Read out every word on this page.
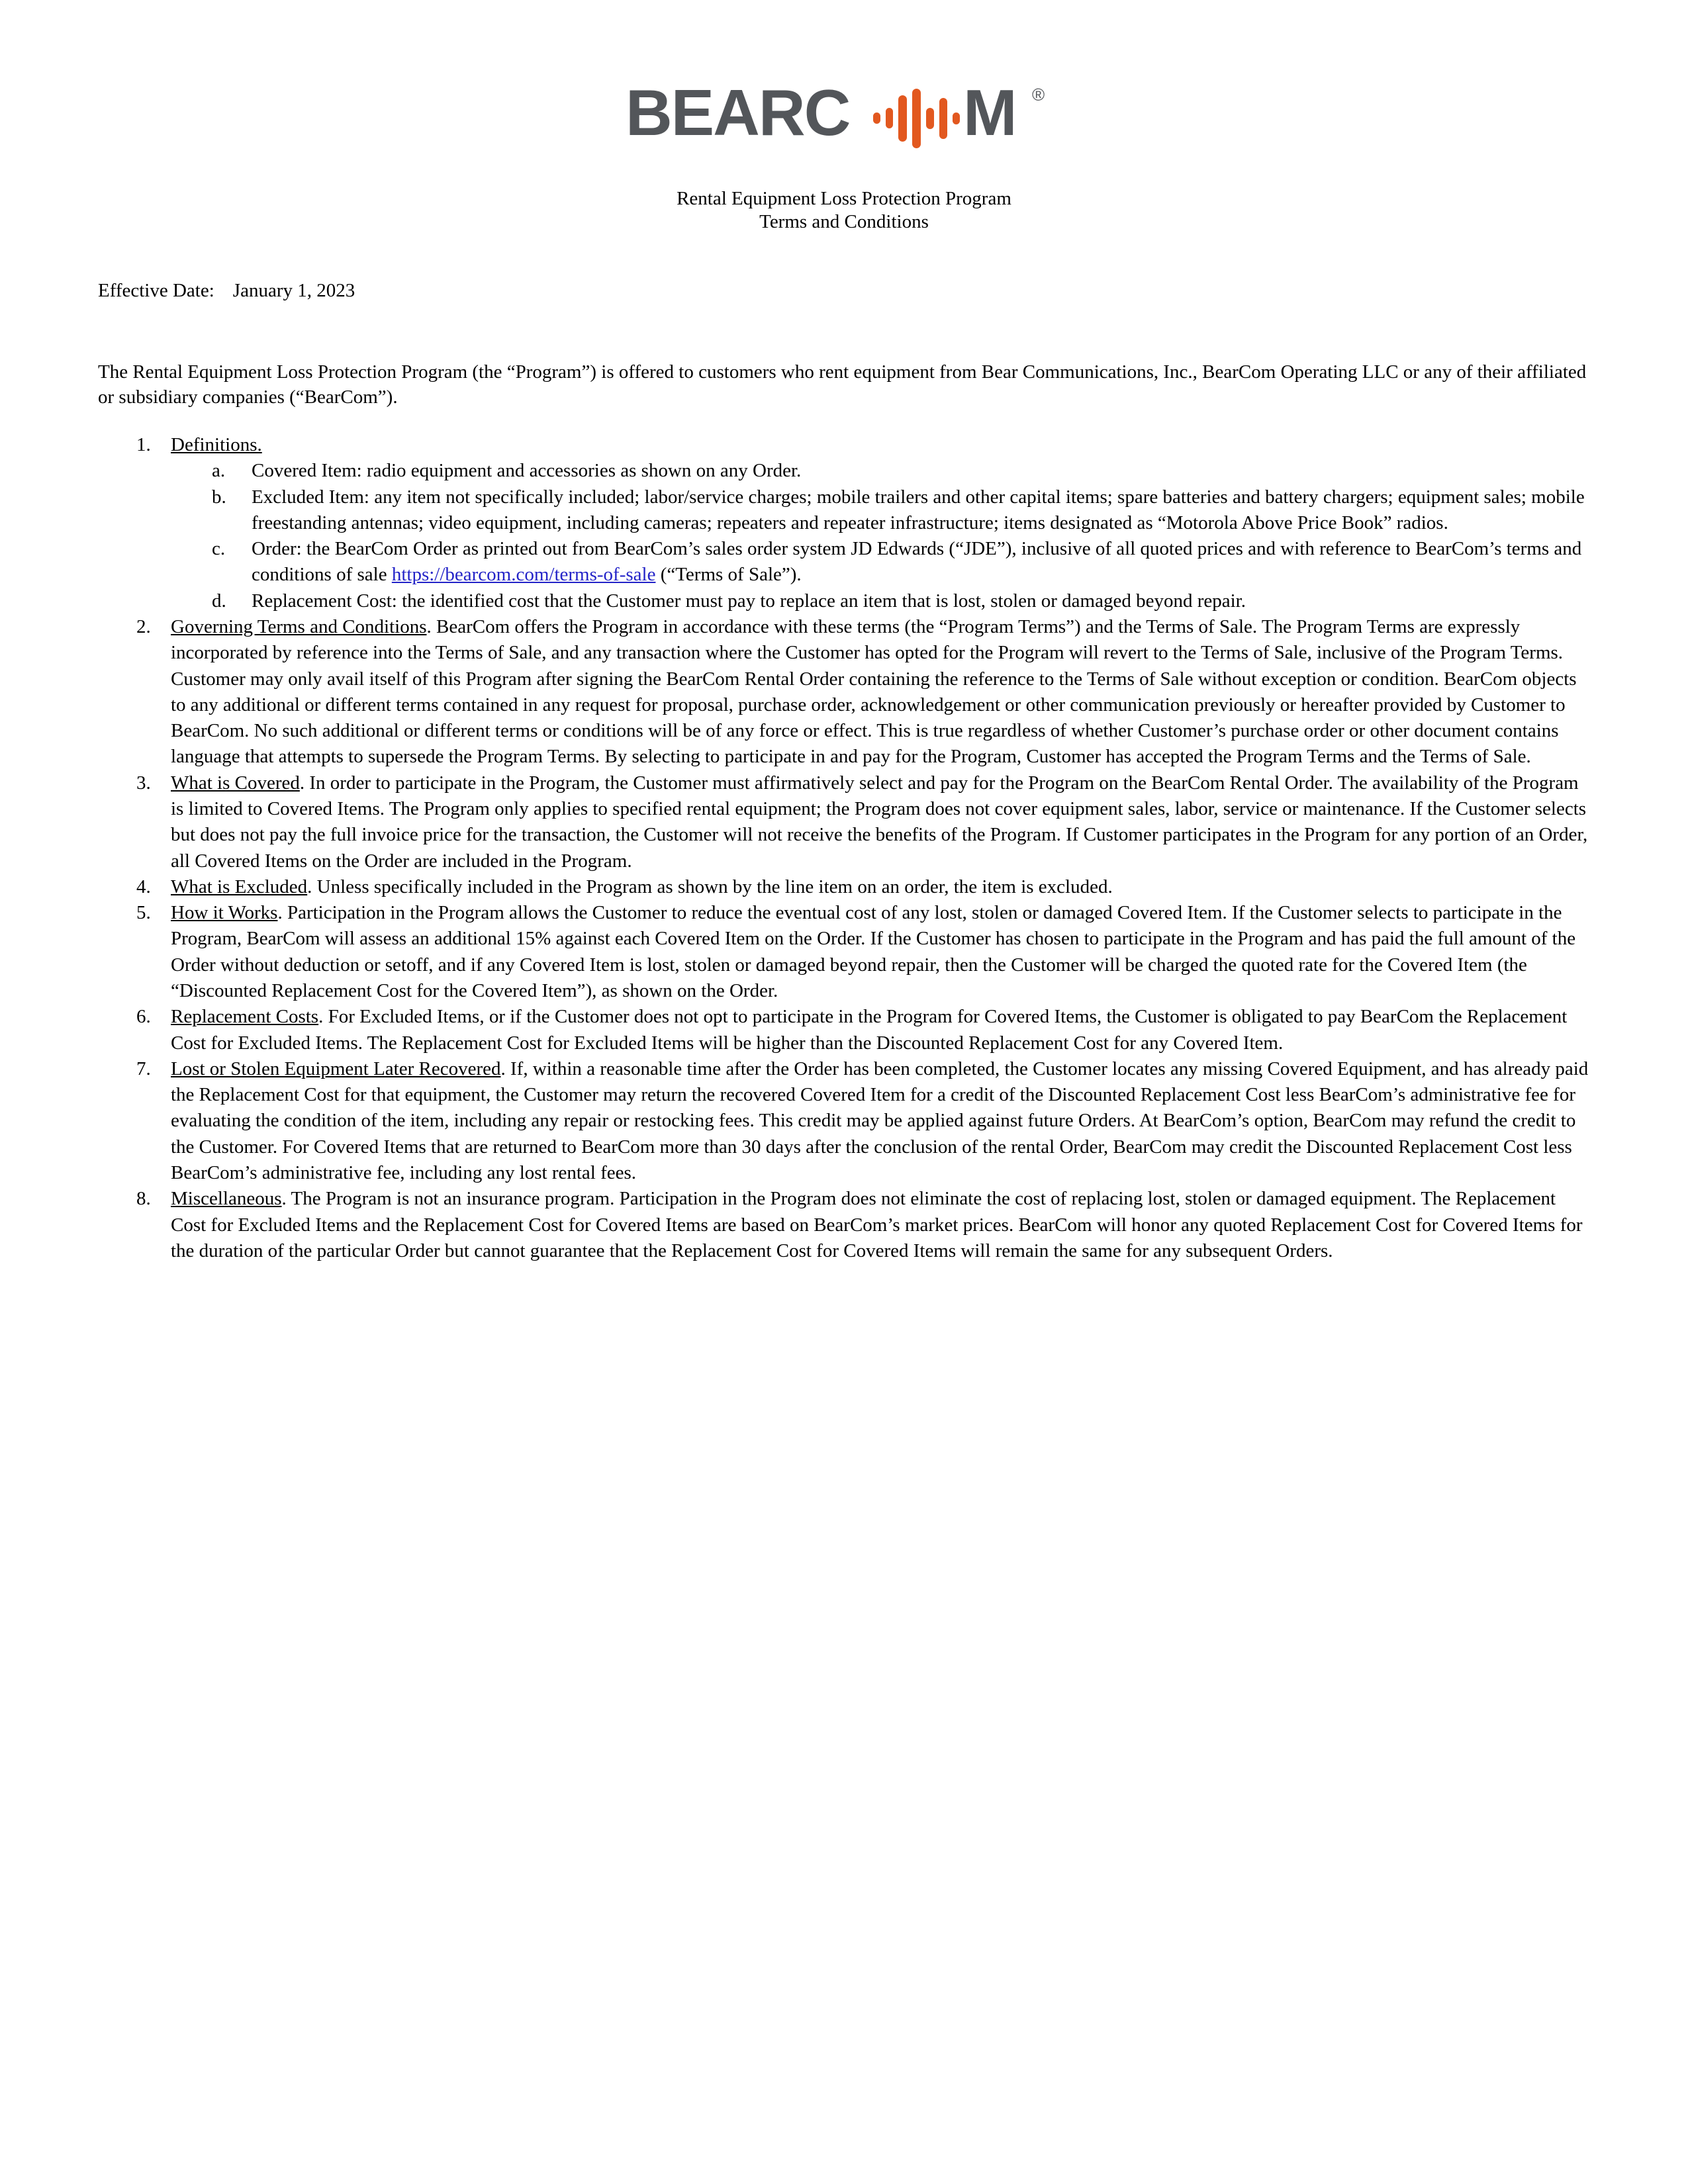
BEARC M ®
Rental Equipment Loss Protection Program
Terms and Conditions
Effective Date: January 1, 2023

The Rental Equipment Loss Protection Program (the “Program”) is offered to customers who rent equipment from Bear Communications, Inc., BearCom Operating LLC or any of their affiliated or subsidiary companies (“BearCom”).

1.	Definitions.
a.	Covered Item: radio equipment and accessories as shown on any Order.
b.	Excluded Item: any item not specifically included; labor/service charges; mobile trailers and other capital items; spare batteries and battery chargers; equipment sales; mobile freestanding antennas; video equipment, including cameras; repeaters and repeater infrastructure; items designated as “Motorola Above Price Book” radios.
c.	Order: the BearCom Order as printed out from BearCom’s sales order system JD Edwards (“JDE”), inclusive of all quoted prices and with reference to BearCom’s terms and conditions of sale https://bearcom.com/terms-of-sale (“Terms of Sale”).
d.	Replacement Cost: the identified cost that the Customer must pay to replace an item that is lost, stolen or damaged beyond repair.
2.	Governing Terms and Conditions. BearCom offers the Program in accordance with these terms (the “Program Terms”) and the Terms of Sale. The Program Terms are expressly incorporated by reference into the Terms of Sale, and any transaction where the Customer has opted for the Program will revert to the Terms of Sale, inclusive of the Program Terms. Customer may only avail itself of this Program after signing the BearCom Rental Order containing the reference to the Terms of Sale without exception or condition. BearCom objects to any additional or different terms contained in any request for proposal, purchase order, acknowledgement or other communication previously or hereafter provided by Customer to BearCom. No such additional or different terms or conditions will be of any force or effect. This is true regardless of whether Customer’s purchase order or other document contains language that attempts to supersede the Program Terms. By selecting to participate in and pay for the Program, Customer has accepted the Program Terms and the Terms of Sale.
3.	What is Covered. In order to participate in the Program, the Customer must affirmatively select and pay for the Program on the BearCom Rental Order. The availability of the Program is limited to Covered Items. The Program only applies to specified rental equipment; the Program does not cover equipment sales, labor, service or maintenance. If the Customer selects but does not pay the full invoice price for the transaction, the Customer will not receive the benefits of the Program. If Customer participates in the Program for any portion of an Order, all Covered Items on the Order are included in the Program.
4.	What is Excluded. Unless specifically included in the Program as shown by the line item on an order, the item is excluded.
5.	How it Works. Participation in the Program allows the Customer to reduce the eventual cost of any lost, stolen or damaged Covered Item. If the Customer selects to participate in the Program, BearCom will assess an additional 15% against each Covered Item on the Order. If the Customer has chosen to participate in the Program and has paid the full amount of the Order without deduction or setoff, and if any Covered Item is lost, stolen or damaged beyond repair, then the Customer will be charged the quoted rate for the Covered Item (the “Discounted Replacement Cost for the Covered Item”), as shown on the Order.
6.	Replacement Costs. For Excluded Items, or if the Customer does not opt to participate in the Program for Covered Items, the Customer is obligated to pay BearCom the Replacement Cost for Excluded Items. The Replacement Cost for Excluded Items will be higher than the Discounted Replacement Cost for any Covered Item.
7.	Lost or Stolen Equipment Later Recovered. If, within a reasonable time after the Order has been completed, the Customer locates any missing Covered Equipment, and has already paid the Replacement Cost for that equipment, the Customer may return the recovered Covered Item for a credit of the Discounted Replacement Cost less BearCom’s administrative fee for evaluating the condition of the item, including any repair or restocking fees. This credit may be applied against future Orders. At BearCom’s option, BearCom may refund the credit to the Customer. For Covered Items that are returned to BearCom more than 30 days after the conclusion of the rental Order, BearCom may credit the Discounted Replacement Cost less BearCom’s administrative fee, including any lost rental fees.
8.	Miscellaneous. The Program is not an insurance program. Participation in the Program does not eliminate the cost of replacing lost, stolen or damaged equipment. The Replacement Cost for Excluded Items and the Replacement Cost for Covered Items are based on BearCom’s market prices. BearCom will honor any quoted Replacement Cost for Covered Items for the duration of the particular Order but cannot guarantee that the Replacement Cost for Covered Items will remain the same for any subsequent Orders.
